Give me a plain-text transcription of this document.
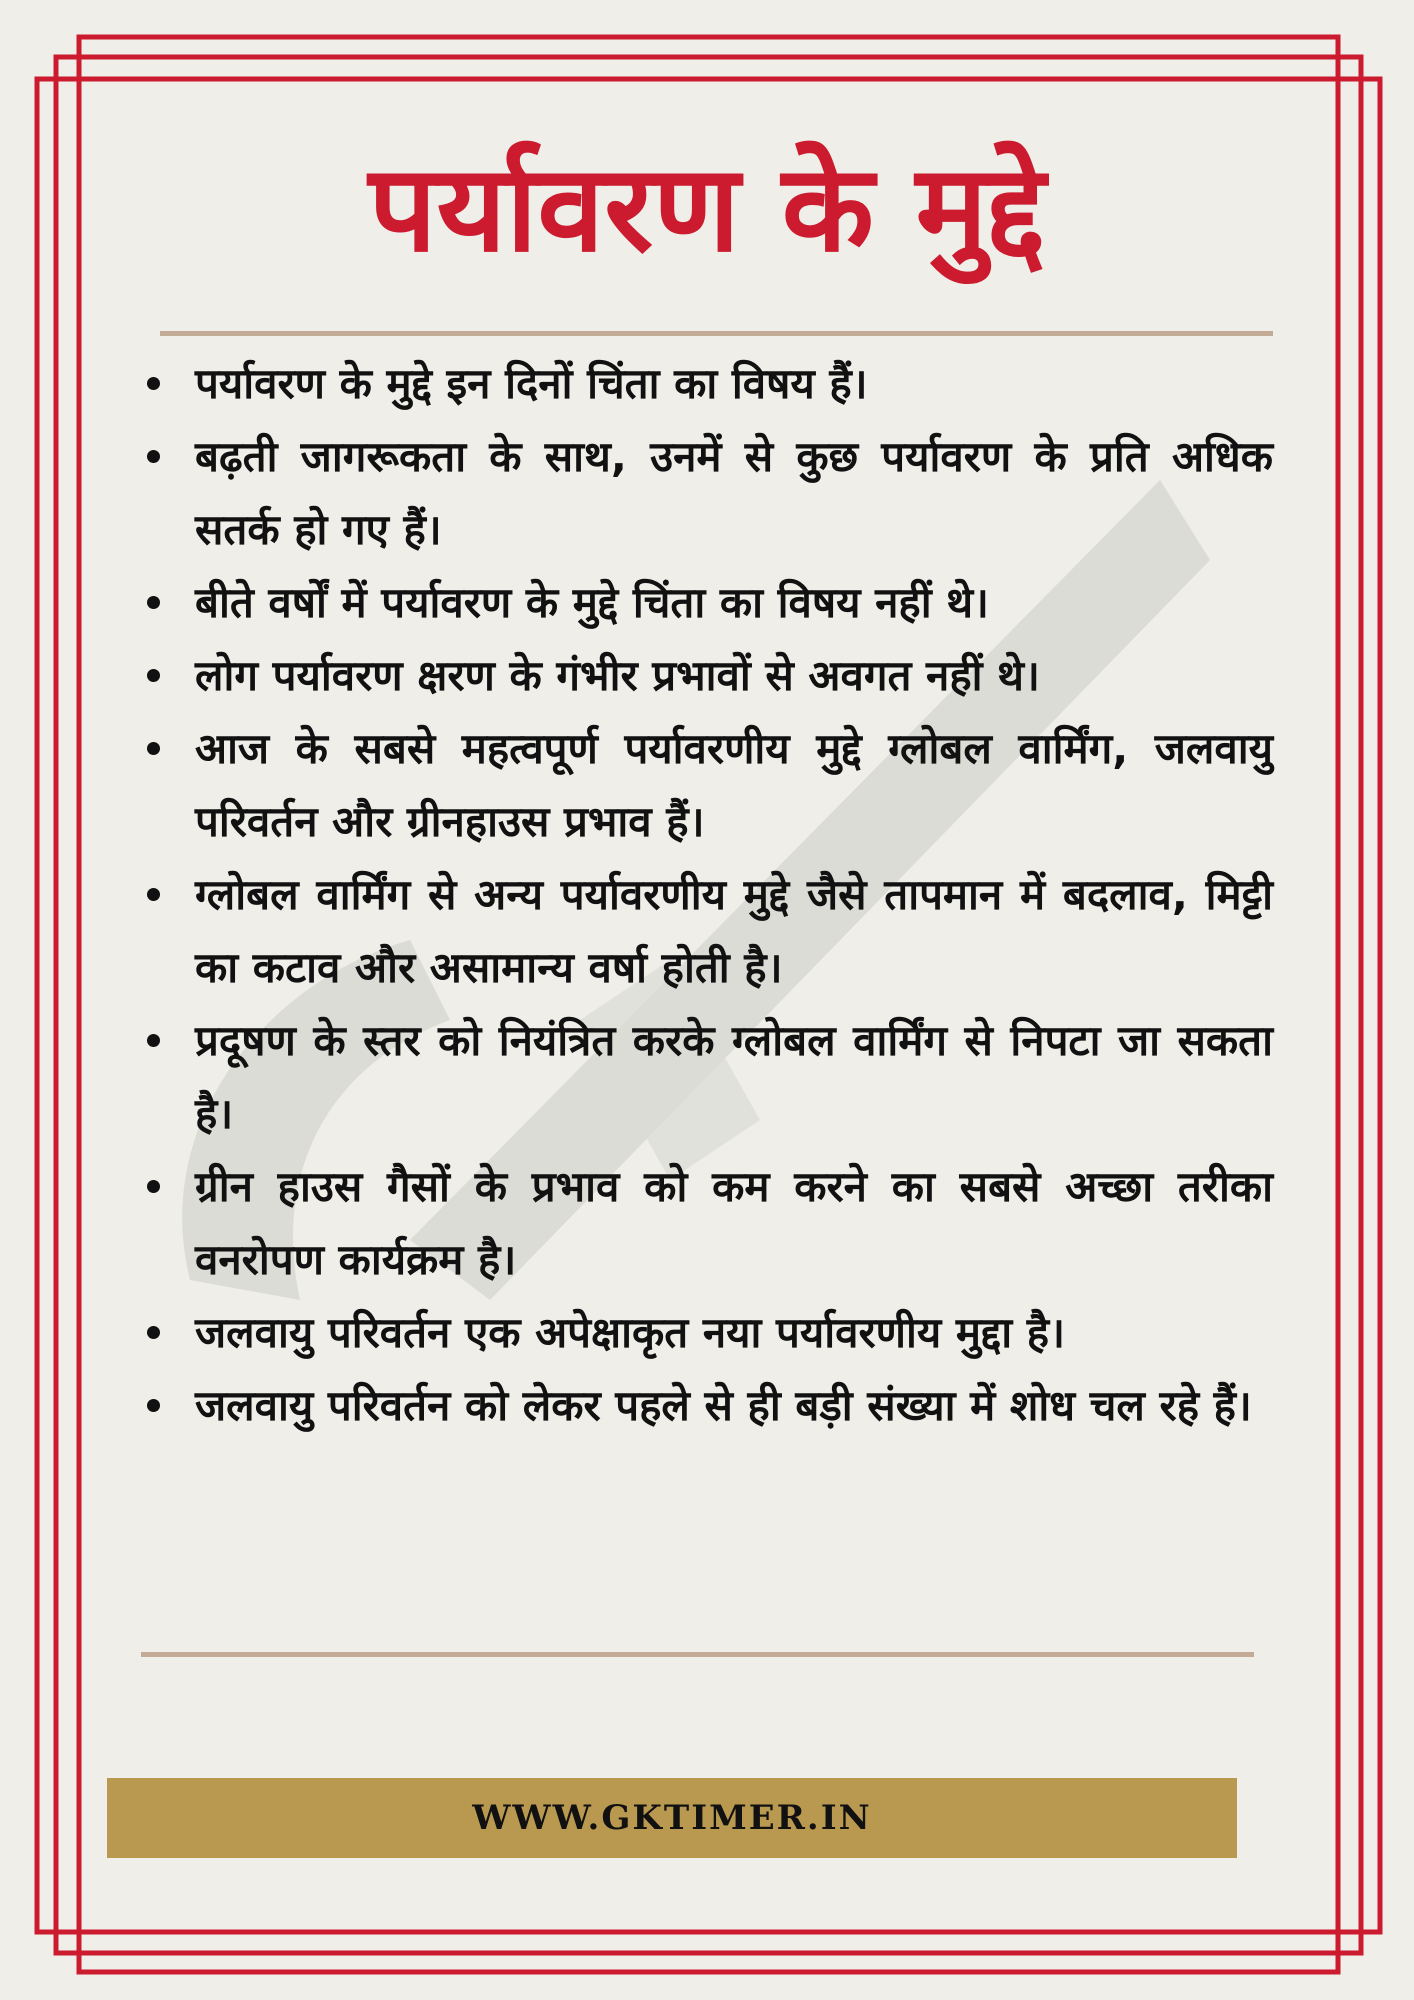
पर्यावरण के मुद्दे
पर्यावरण के मुद्दे इन दिनों चिंता का विषय हैं।
बढ़ती जागरूकता के साथ, उनमें से कुछ पर्यावरण के प्रति अधिक सतर्क हो गए हैं।
बीते वर्षों में पर्यावरण के मुद्दे चिंता का विषय नहीं थे।
लोग पर्यावरण क्षरण के गंभीर प्रभावों से अवगत नहीं थे।
आज के सबसे महत्वपूर्ण पर्यावरणीय मुद्दे ग्लोबल वार्मिंग, जलवायु परिवर्तन और ग्रीनहाउस प्रभाव हैं।
ग्लोबल वार्मिंग से अन्य पर्यावरणीय मुद्दे जैसे तापमान में बदलाव, मिट्टी का कटाव और असामान्य वर्षा होती है।
प्रदूषण के स्तर को नियंत्रित करके ग्लोबल वार्मिंग से निपटा जा सकता है।
ग्रीन हाउस गैसों के प्रभाव को कम करने का सबसे अच्छा तरीका वनरोपण कार्यक्रम है।
जलवायु परिवर्तन एक अपेक्षाकृत नया पर्यावरणीय मुद्दा है।
जलवायु परिवर्तन को लेकर पहले से ही बड़ी संख्या में शोध चल रहे हैं।
WWW.GKTIMER.IN
